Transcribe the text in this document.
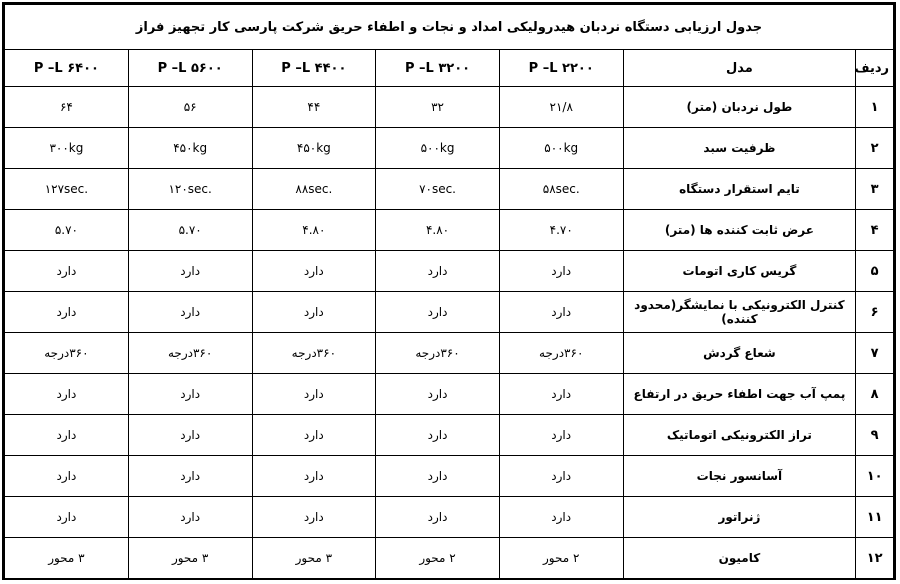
جدول ارزیابی دستگاه نردبان هیدرولیکی امداد و نجات و اطفاء حریق شرکت پارسی کار تجهیز فراز						
ردیف	مدل	P –L ۲۲۰۰	P –L ۳۲۰۰	P –L ۴۴۰۰	P –L ۵۶۰۰	P –L ۶۴۰۰
۱	طول نردبان (متر)	۲۱/۸	۳۲	۴۴	۵۶	۶۴
۲	ظرفیت سبد	۵۰۰kg	۵۰۰kg	۴۵۰kg	۴۵۰kg	۳۰۰kg
۳	تایم استقرار دستگاه	۵۸sec.	۷۰sec.	۸۸sec.	۱۲۰sec.	۱۲۷sec.
۴	عرض ثابت کننده ها (متر)	۴.۷۰	۴.۸۰	۴.۸۰	۵.۷۰	۵.۷۰
۵	گریس کاری اتومات	دارد	دارد	دارد	دارد	دارد
۶	کنترل الکترونیکی با نمایشگر(محدود کننده)	دارد	دارد	دارد	دارد	دارد
۷	شعاع گردش	۳۶۰درجه	۳۶۰درجه	۳۶۰درجه	۳۶۰درجه	۳۶۰درجه
۸	پمپ آب جهت اطفاء حریق در ارتفاع	دارد	دارد	دارد	دارد	دارد
۹	تراز الکترونیکی اتوماتیک	دارد	دارد	دارد	دارد	دارد
۱۰	آسانسور نجات	دارد	دارد	دارد	دارد	دارد
۱۱	ژنراتور	دارد	دارد	دارد	دارد	دارد
۱۲	کامیون	۲ محور	۲ محور	۳ محور	۳ محور	۳ محور
